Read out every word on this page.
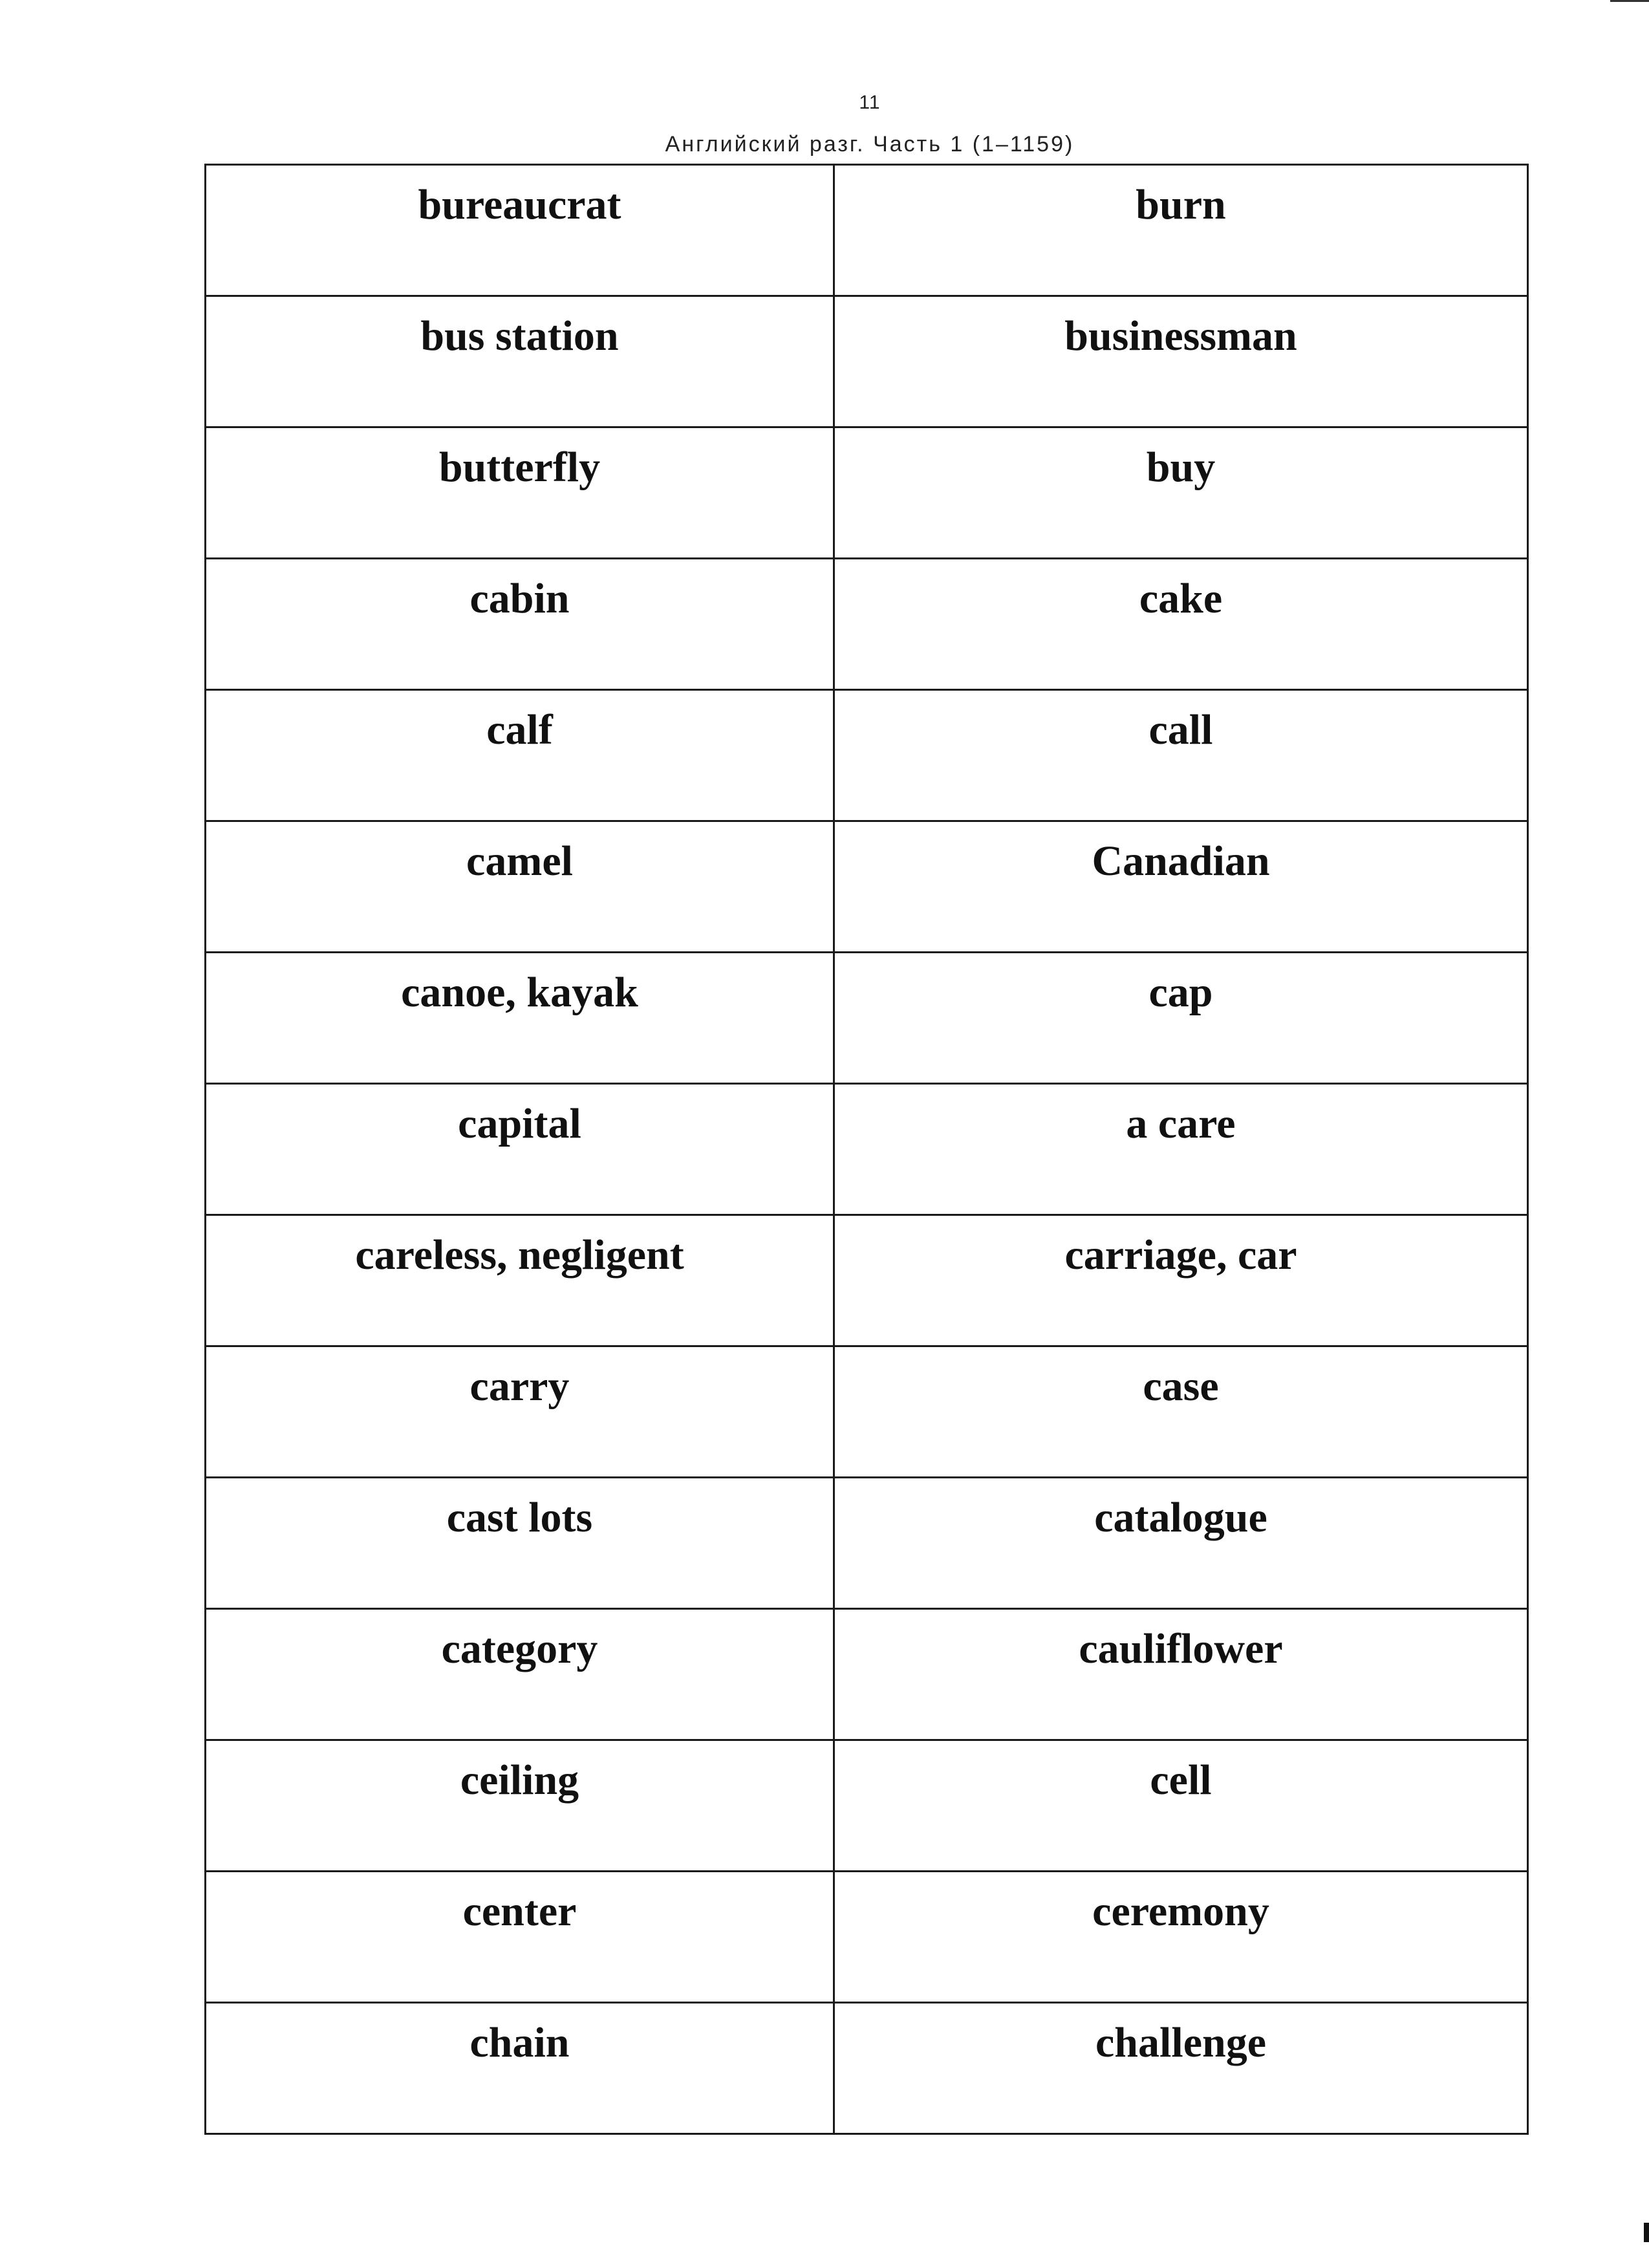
11
Английский разг. Часть 1 (1–1159)
bureaucrat	burn
bus station	businessman
butterfly	buy
cabin	cake
calf	call
camel	Canadian
canoe, kayak	cap
capital	a care
careless, negligent	carriage, car
carry	case
cast lots	catalogue
category	cauliflower
ceiling	cell
center	ceremony
chain	challenge
